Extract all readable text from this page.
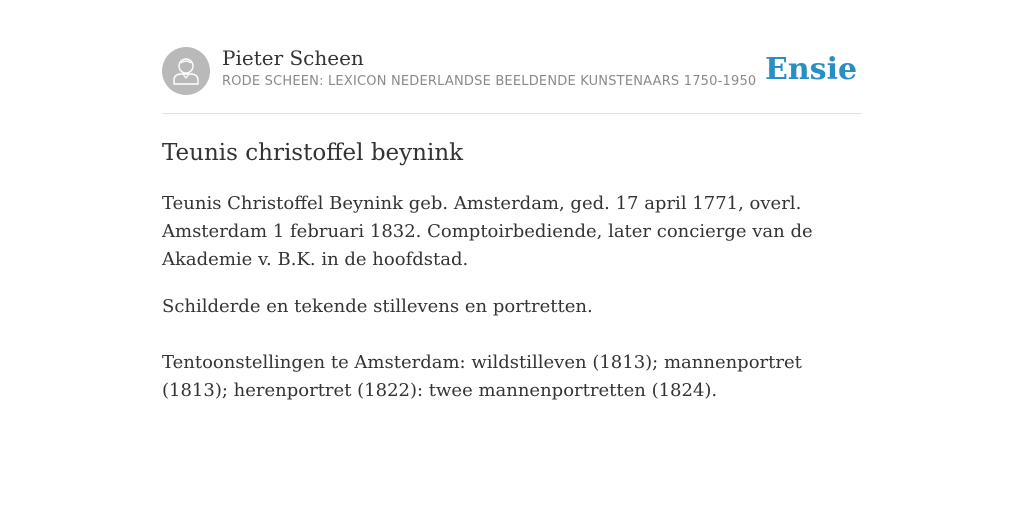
Pieter Scheen
RODE SCHEEN: LEXICON NEDERLANDSE BEELDENDE KUNSTENAARS 1750-1950 Ensie
Teunis christoffel beynink

Teunis Christoffel Beynink geb. Amsterdam, ged. 17 april 1771, overl. Amsterdam 1 februari 1832. Comptoirbediende, later concierge van de Akademie v. B.K. in de hoofdstad.

Schilderde en tekende stillevens en portretten.

Tentoonstellingen te Amsterdam: wildstilleven (1813); mannenportret (1813); herenportret (1822): twee mannenportretten (1824).
